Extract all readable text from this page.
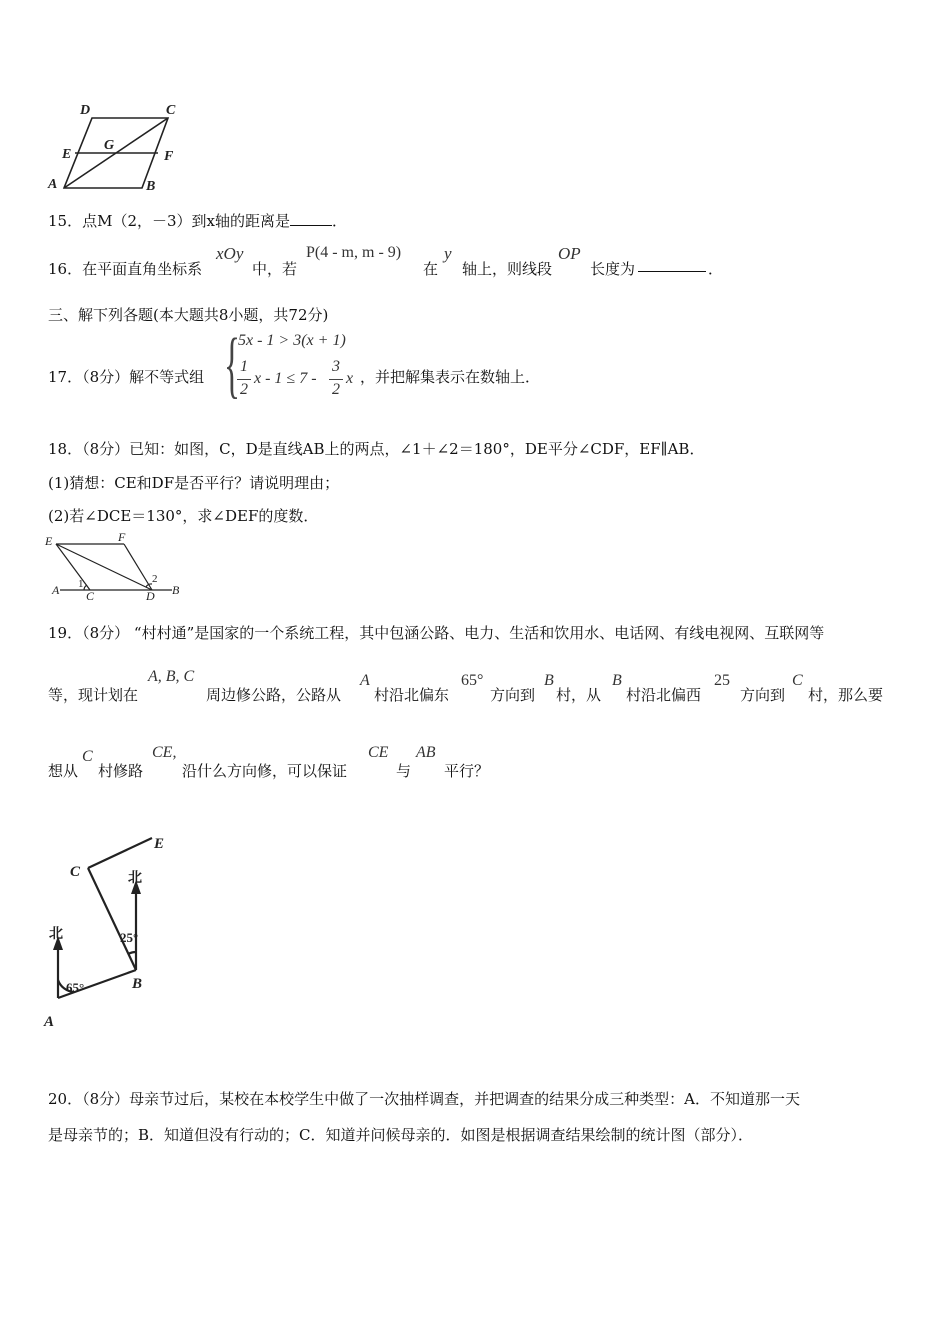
D	C
E
G
F
A	B
15．点M（2，－3）到x轴的距离是	．
16．在平面直角坐标系
xOy
中，若
P(4 - m, m - 9)
在
y
轴上，则线段
OP
长度为	．
三、解下列各题(本大题共8小题，共72分)
17．（8分）解不等式组 {
5x - 1 > 3(x + 1)
1
2
x - 1 ≤ 7 -
3
2
x ，并把解集表示在数轴上．
18．（8分）已知：如图，C，D是直线AB上的两点，∠1＋∠2＝180°，DE平分∠CDF，EF∥AB．
(1)猜想：CE和DF是否平行？请说明理由；
(2)若∠DCE＝130°，求∠DEF的度数．
E	F
A C	D B
1	2
19．（8分） “村村通”是国家的一个系统工程，其中包涵公路、电力、生活和饮用水、电话网、有线电视网、互联网等
等，现计划在
A, B, C
周边修公路，公路从
A
村沿北偏东
65°
方向到
B
村，从
B
村沿北偏西
25
方向到
C
村，那么要
想从
C
村修路
CE,
沿什么方向修，可以保证
CE
与
AB
平行？
E
C
A
B
北
北
25°
65°
20．（8分）母亲节过后，某校在本校学生中做了一次抽样调查，并把调查的结果分成三种类型：A．不知道那一天
是母亲节的；B．知道但没有行动的；C．知道并问候母亲的．如图是根据调查结果绘制的统计图（部分）．
